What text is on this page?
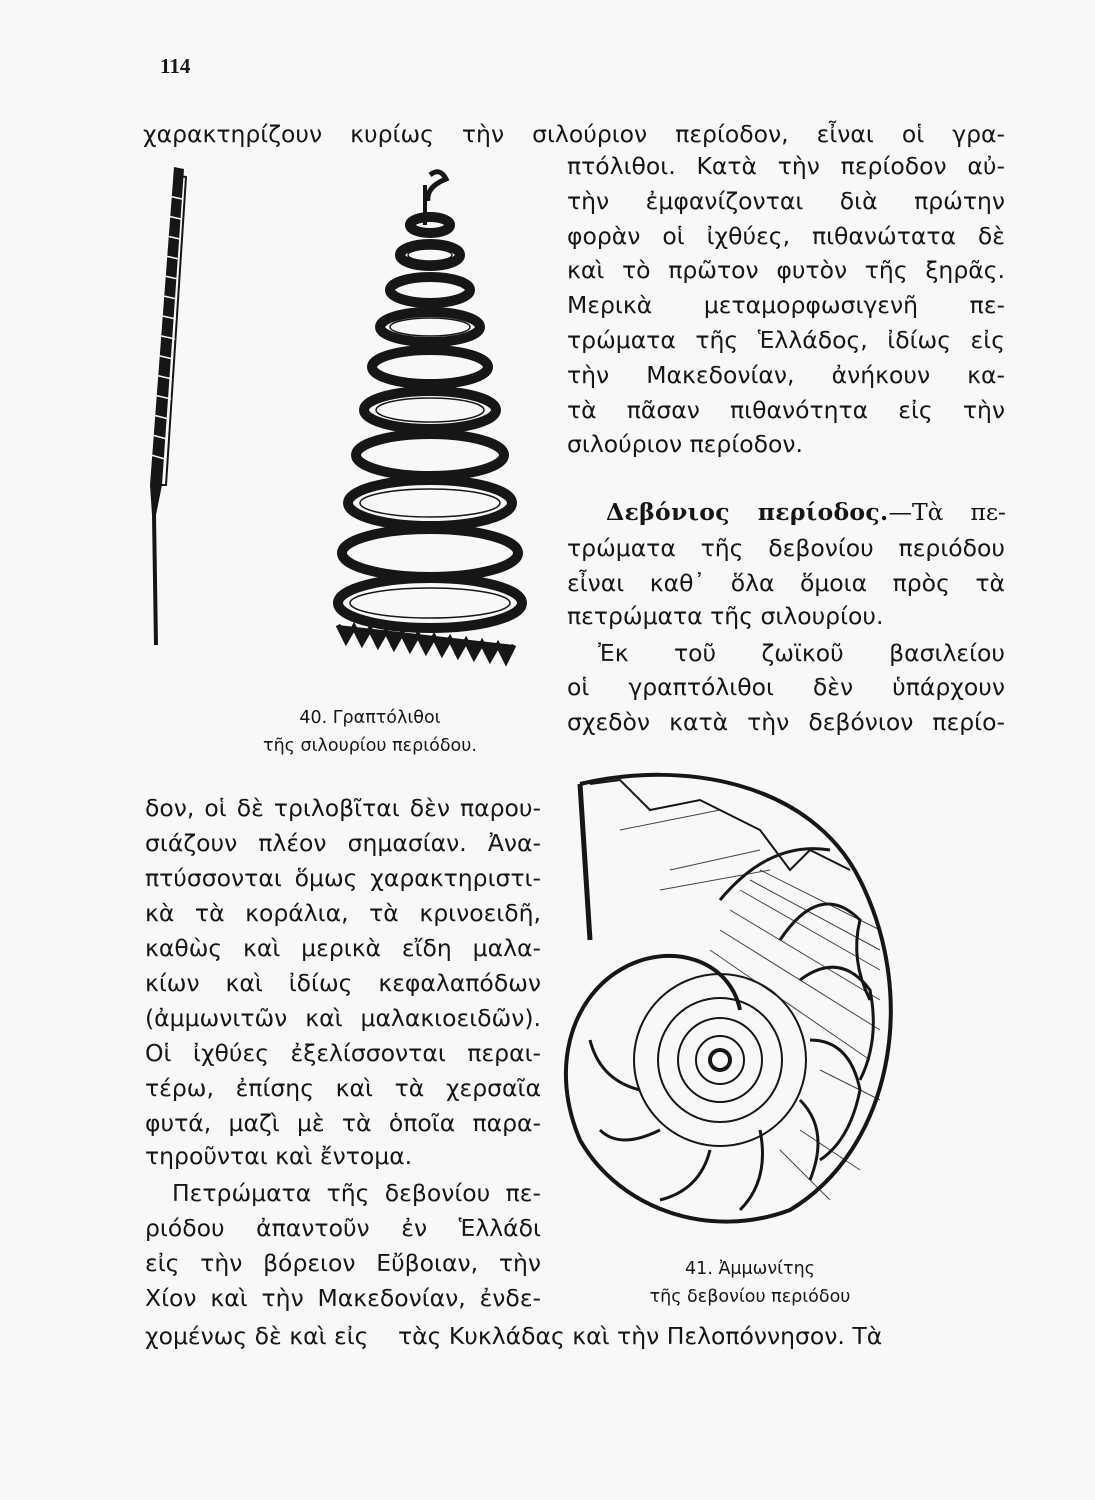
114
χαρακτηρίζουν κυρίως τὴν σιλούριον περίοδον, εἶναι οἱ γρα-
πτόλιθοι. Κατὰ τὴν περίοδον αὐ-
τὴν ἐμφανίζονται διὰ πρώτην
φορὰν οἱ ἰχθύες, πιθανώτατα δὲ
καὶ τὸ πρῶτον φυτὸν τῆς ξηρᾶς.
Μερικὰ μεταμορφωσιγενῆ πε-
τρώματα τῆς Ἑλλάδος, ἰδίως εἰς
τὴν Μακεδονίαν, ἀνήκουν κα-
τὰ πᾶσαν πιθανότητα εἰς τὴν
σιλούριον περίοδον.
Δεβόνιος περίοδος.—Τὰ πε-
τρώματα τῆς δεβονίου περιόδου
εἶναι καθ᾽ ὅλα ὅμοια πρὸς τὰ
πετρώματα τῆς σιλουρίου.
Ἐκ τοῦ ζωϊκοῦ βασιλείου
οἱ γραπτόλιθοι δὲν ὑπάρχουν
σχεδὸν κατὰ τὴν δεβόνιον περίο-
40. Γραπτόλιθοι
τῆς σιλουρίου περιόδου.
δον, οἱ δὲ τριλοβῖται δὲν παρου-
σιάζουν πλέον σημασίαν. Ἀνα-
πτύσσονται ὅμως χαρακτηριστι-
κὰ τὰ κοράλια, τὰ κρινοειδῆ,
καθὼς καὶ μερικὰ εἴδη μαλα-
κίων καὶ ἰδίως κεφαλαπόδων
(ἀμμωνιτῶν καὶ μαλακιοειδῶν).
Οἱ ἰχθύες ἐξελίσσονται περαι-
τέρω, ἐπίσης καὶ τὰ χερσαῖα
φυτά, μαζὶ μὲ τὰ ὁποῖα παρα-
τηροῦνται καὶ ἔντομα.
Πετρώματα τῆς δεβονίου πε-
ριόδου ἀπαντοῦν ἐν Ἑλλάδι
εἰς τὴν βόρειον Εὔβοιαν, τὴν
Χίον καὶ τὴν Μακεδονίαν, ἐνδε-
41. Ἀμμωνίτης
τῆς δεβονίου περιόδου
χομένως δὲ καὶ εἰς τὰς Κυκλάδας καὶ τὴν Πελοπόννησον. Τὰ
